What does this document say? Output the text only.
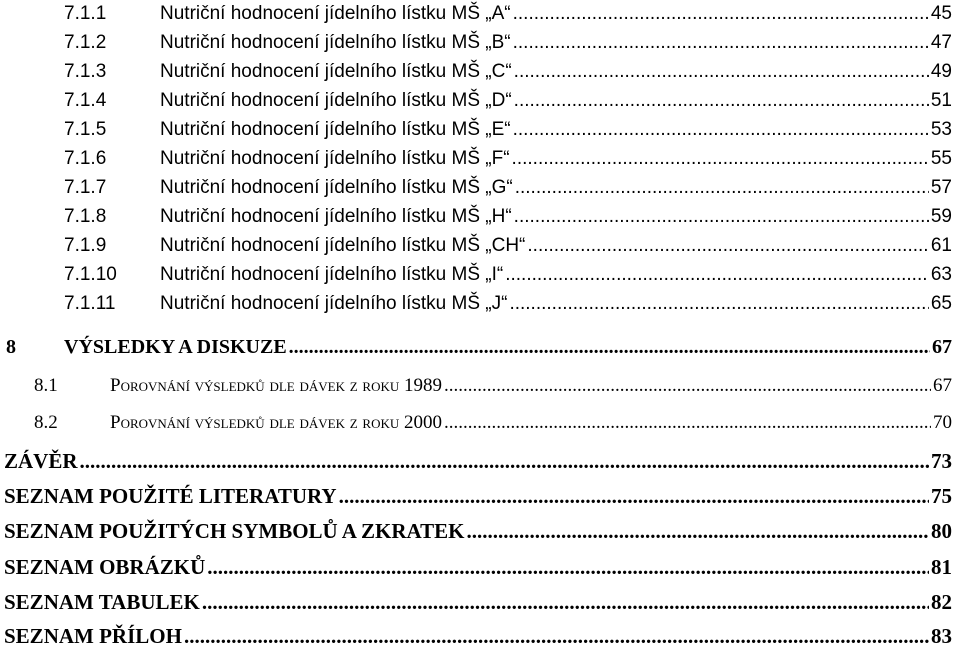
7.1.1	Nutriční hodnocení jídelního lístku MŠ „A“ .....	45
7.1.2	Nutriční hodnocení jídelního lístku MŠ „B“ .....	47
7.1.3	Nutriční hodnocení jídelního lístku MŠ „C“ .....	49
7.1.4	Nutriční hodnocení jídelního lístku MŠ „D“ .....	51
7.1.5	Nutriční hodnocení jídelního lístku MŠ „E“ .....	53
7.1.6	Nutriční hodnocení jídelního lístku MŠ „F“ .....	55
7.1.7	Nutriční hodnocení jídelního lístku MŠ „G“ .....	57
7.1.8	Nutriční hodnocení jídelního lístku MŠ „H“ .....	59
7.1.9	Nutriční hodnocení jídelního lístku MŠ „CH“ .....	61
7.1.10	Nutriční hodnocení jídelního lístku MŠ „I“ .....	63
7.1.11	Nutriční hodnocení jídelního lístku MŠ „J“ .....	65
8	VÝSLEDKY A DISKUZE .....	67
8.1	Porovnání výsledků dle dávek z roku 1989 .....	67
8.2	Porovnání výsledků dle dávek z roku 2000 .....	70
ZÁVĚR .....	73
SEZNAM POUŽITÉ LITERATURY .....	75
SEZNAM POUŽITÝCH SYMBOLŮ A ZKRATEK .....	80
SEZNAM OBRÁZKŮ .....	81
SEZNAM TABULEK .....	82
SEZNAM PŘÍLOH .....	83
